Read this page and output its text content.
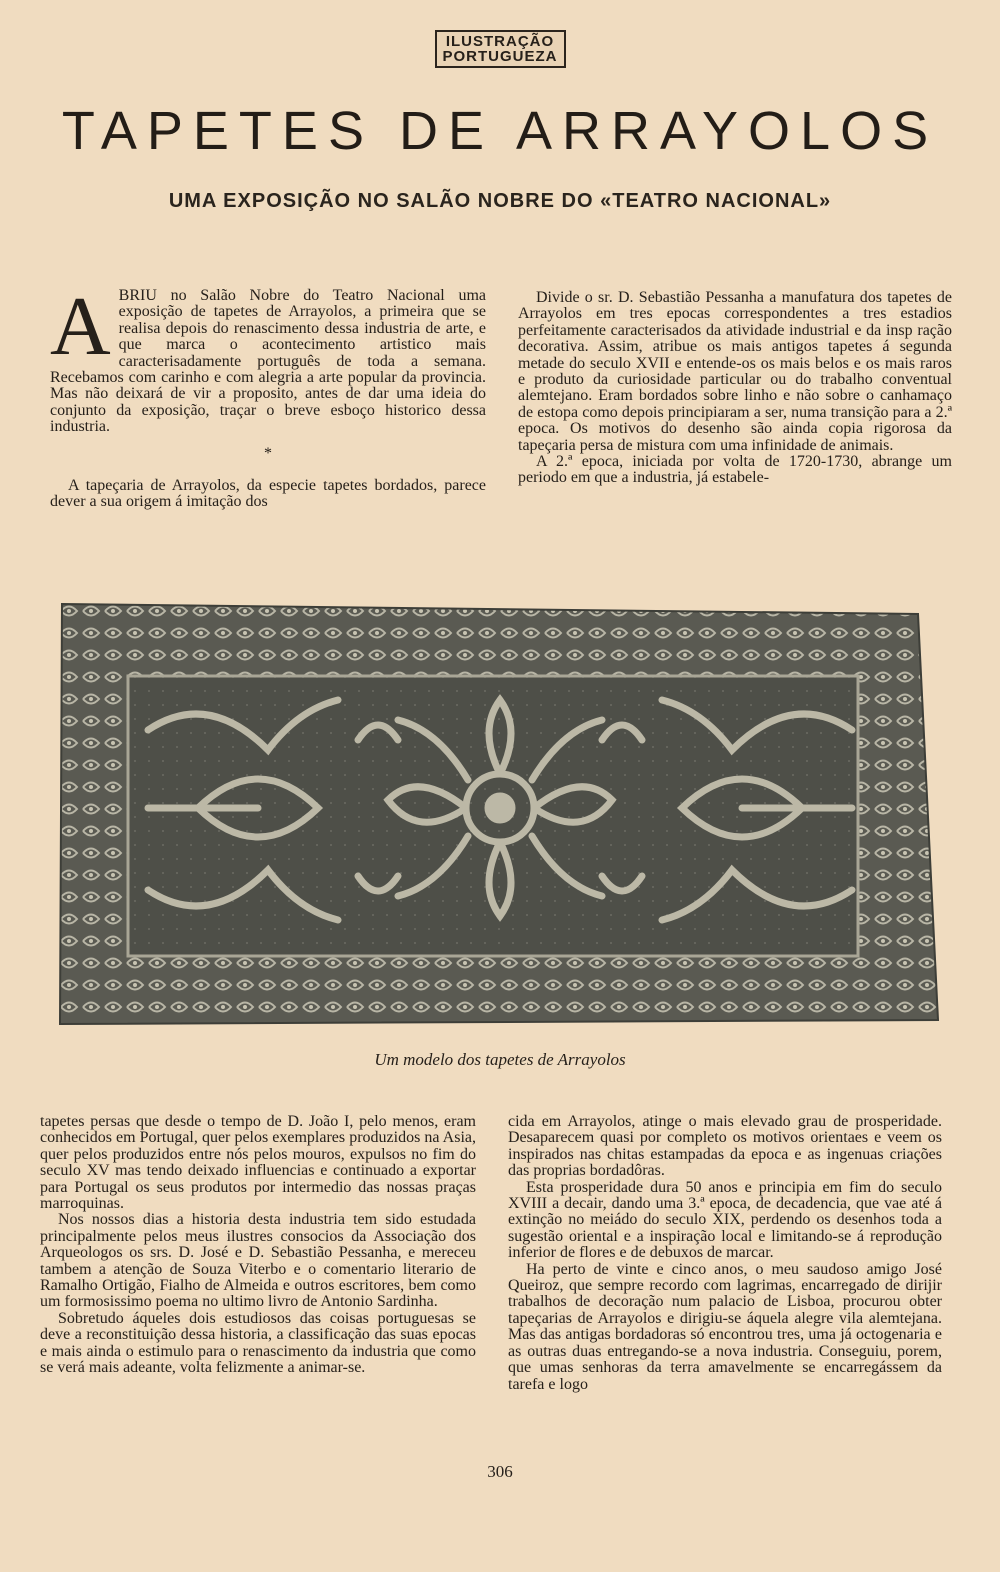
ILUSTRAÇÃO
PORTUGUEZA
TAPETES DE ARRAYOLOS
UMA EXPOSIÇÃO NO SALÃO NOBRE DO «TEATRO NACIONAL»

ABRIU no Salão Nobre do Teatro Nacional uma exposição de tapetes de Arrayolos, a primeira que se realisa depois do renascimento dessa industria de arte, e que marca o acontecimento artistico mais caracterisadamente português de toda a semana. Recebamos com carinho e com alegria a arte popular da provincia. Mas não deixará de vir a proposito, antes de dar uma ideia do conjunto da exposição, traçar o breve esboço historico dessa industria.

*

A tapeçaria de Arrayolos, da especie tapetes bordados, parece dever a sua origem á imitação dos

Divide o sr. D. Sebastião Pessanha a manufatura dos tapetes de Arrayolos em tres epocas correspondentes a tres estadios perfeitamente caracterisados da atividade industrial e da insp ração decorativa. Assim, atribue os mais antigos tapetes á segunda metade do seculo XVII e entende-os os mais belos e os mais raros e produto da curiosidade particular ou do trabalho conventual alemtejano. Eram bordados sobre linho e não sobre o canhamaço de estopa como depois principiaram a ser, numa transição para a 2.ª epoca. Os motivos do desenho são ainda copia rigorosa da tapeçaria persa de mistura com uma infinidade de animais.

A 2.ª epoca, iniciada por volta de 1720-1730, abrange um periodo em que a industria, já estabele-

Um modelo dos tapetes de Arrayolos

tapetes persas que desde o tempo de D. João I, pelo menos, eram conhecidos em Portugal, quer pelos exemplares produzidos na Asia, quer pelos produzidos entre nós pelos mouros, expulsos no fim do seculo XV mas tendo deixado influencias e continuado a exportar para Portugal os seus produtos por intermedio das nossas praças marroquinas.

Nos nossos dias a historia desta industria tem sido estudada principalmente pelos meus ilustres consocios da Associação dos Arqueologos os srs. D. José e D. Sebastião Pessanha, e mereceu tambem a atenção de Souza Viterbo e o comentario literario de Ramalho Ortigão, Fialho de Almeida e outros escritores, bem como um formosissimo poema no ultimo livro de Antonio Sardinha.

Sobretudo áqueles dois estudiosos das coisas portuguesas se deve a reconstituição dessa historia, a classificação das suas epocas e mais ainda o estimulo para o renascimento da industria que como se verá mais adeante, volta felizmente a animar-se.

cida em Arrayolos, atinge o mais elevado grau de prosperidade. Desaparecem quasi por completo os motivos orientaes e veem os inspirados nas chitas estampadas da epoca e as ingenuas criações das proprias bordadôras.

Esta prosperidade dura 50 anos e principia em fim do seculo XVIII a decair, dando uma 3.ª epoca, de decadencia, que vae até á extinção no meiádo do seculo XIX, perdendo os desenhos toda a sugestão oriental e a inspiração local e limitando-se á reprodução inferior de flores e de debuxos de marcar.

Ha perto de vinte e cinco anos, o meu saudoso amigo José Queiroz, que sempre recordo com lagrimas, encarregado de dirijir trabalhos de decoração num palacio de Lisboa, procurou obter tapeçarias de Arrayolos e dirigiu-se áquela alegre vila alemtejana. Mas das antigas bordadoras só encontrou tres, uma já octogenaria e as outras duas entregando-se a nova industria. Conseguiu, porem, que umas senhoras da terra amavelmente se encarregássem da tarefa e logo

306
